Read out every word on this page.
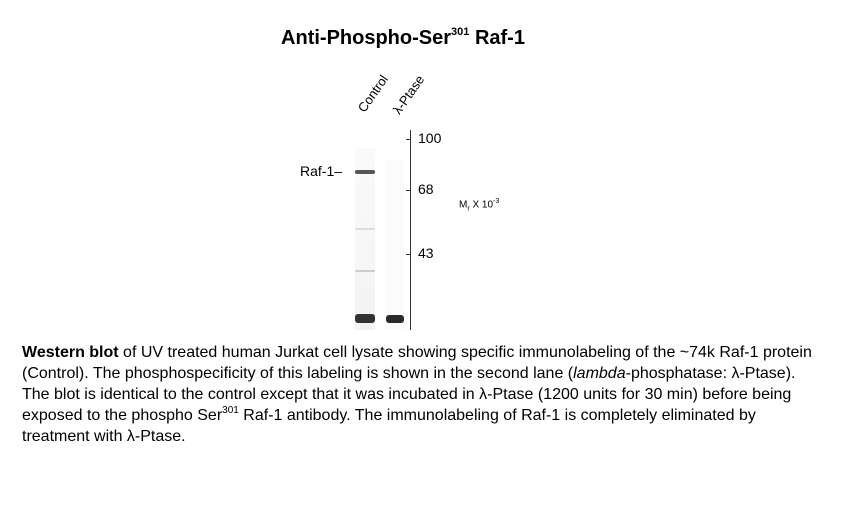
Anti-Phospho-Ser$^{301}$ Raf-1
Control
λ-Ptase
Raf-1–
100
68
43
$M_r$ X $10^{-3}$
Western blot of UV treated human Jurkat cell lysate showing specific immunolabeling of the ~74k Raf-1 protein (Control). The phosphospecificity of this labeling is shown in the second lane (lambda-phosphatase: λ-Ptase). The blot is identical to the control except that it was incubated in λ-Ptase (1200 units for 30 min) before being exposed to the phospho Ser$^{301}$ Raf-1 antibody. The immunolabeling of Raf-1 is completely eliminated by treatment with λ-Ptase.
